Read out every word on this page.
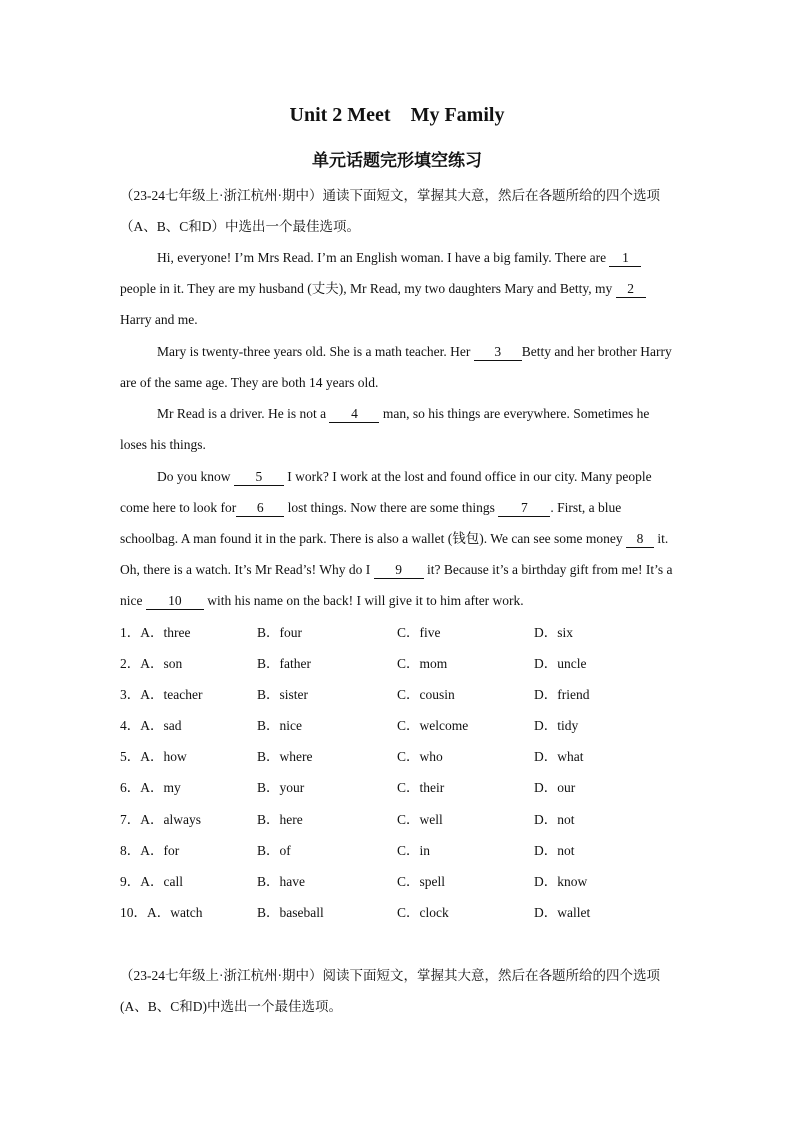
Unit 2 Meet    My Family
单元话题完形填空练习
（23-24七年级上·浙江杭州·期中）通读下面短文，掌握其大意，然后在各题所给的四个选项（A、B、C和D）中选出一个最佳选项。
Hi, everyone! I’m Mrs Read. I’m an English woman. I have a big family. There are 1 people in it. They are my husband (丈夫), Mr Read, my two daughters Mary and Betty, my 2 Harry and me.
Mary is twenty-three years old. She is a math teacher. Her 3 Betty and her brother Harry are of the same age. They are both 14 years old.
Mr Read is a driver. He is not a 4 man, so his things are everywhere. Sometimes he loses his things.
Do you know 5 I work? I work at the lost and found office in our city. Many people come here to look for 6 lost things. Now there are some things 7 . First, a blue schoolbag. A man found it in the park. There is also a wallet (钱包). We can see some money 8 it. Oh, there is a watch. It’s Mr Read’s! Why do I 9 it? Because it’s a birthday gift from me! It’s a nice 10 with his name on the back! I will give it to him after work.
1．A．three	B．four	C．five	D．six
2．A．son	B．father	C．mom	D．uncle
3．A．teacher	B．sister	C．cousin	D．friend
4．A．sad	B．nice	C．welcome	D．tidy
5．A．how	B．where	C．who	D．what
6．A．my	B．your	C．their	D．our
7．A．always	B．here	C．well	D．not
8．A．for	B．of	C．in	D．not
9．A．call	B．have	C．spell	D．know
10．A．watch	B．baseball	C．clock	D．wallet
（23-24七年级上·浙江杭州·期中）阅读下面短文，掌握其大意，然后在各题所给的四个选项(A、B、C和D)中选出一个最佳选项。
